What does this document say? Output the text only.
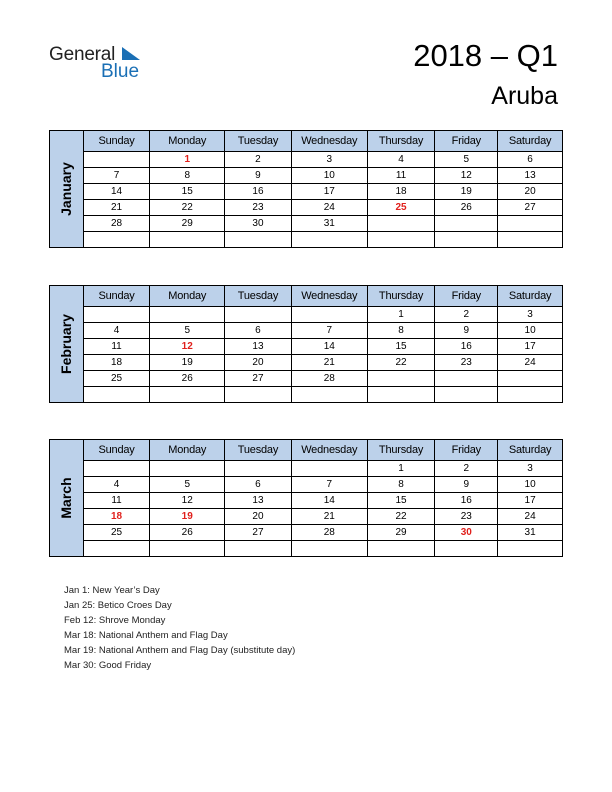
General
Blue	2018 – Q1
Aruba
January	Sunday	Monday	Tuesday	Wednesday	Thursday	Friday	Saturday
		1	2	3	4	5	6
	7	8	9	10	11	12	13
	14	15	16	17	18	19	20
	21	22	23	24	25	26	27
	28	29	30	31			

February	Sunday	Monday	Tuesday	Wednesday	Thursday	Friday	Saturday
					1	2	3
	4	5	6	7	8	9	10
	11	12	13	14	15	16	17
	18	19	20	21	22	23	24
	25	26	27	28			

March	Sunday	Monday	Tuesday	Wednesday	Thursday	Friday	Saturday
					1	2	3
	4	5	6	7	8	9	10
	11	12	13	14	15	16	17
	18	19	20	21	22	23	24
	25	26	27	28	29	30	31

Jan 1: New Year’s Day
Jan 25: Betico Croes Day
Feb 12: Shrove Monday
Mar 18: National Anthem and Flag Day
Mar 19: National Anthem and Flag Day (substitute day)
Mar 30: Good Friday
